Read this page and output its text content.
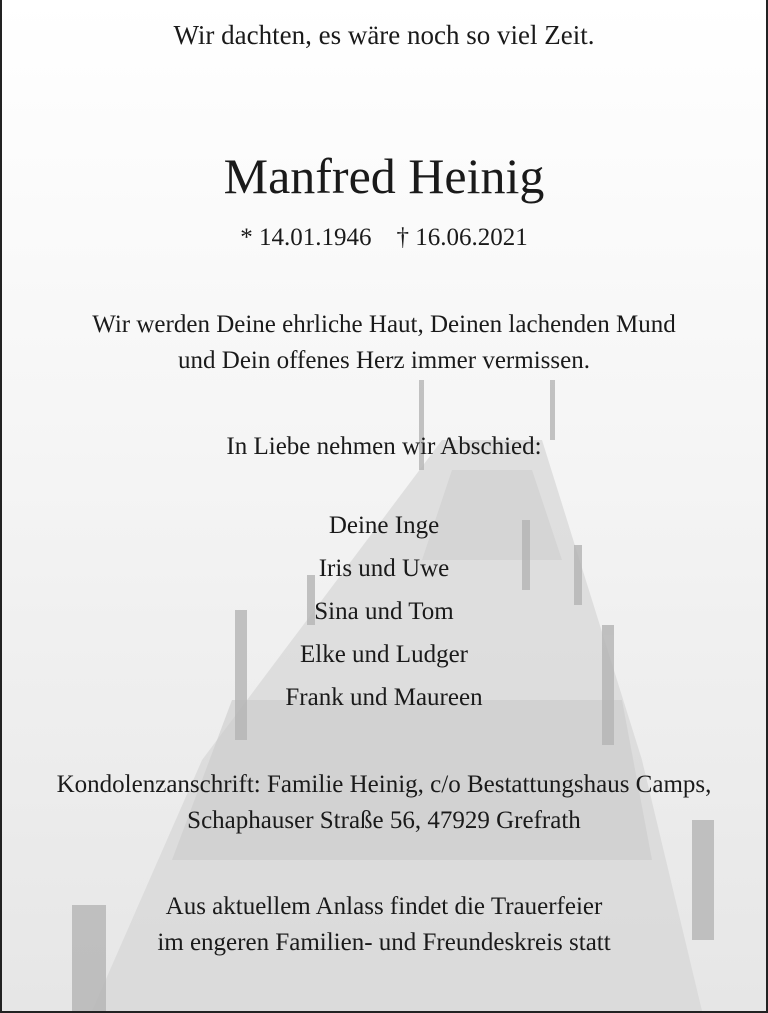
Wir dachten, es wäre noch so viel Zeit.
Manfred Heinig
* 14.01.1946 † 16.06.2021
Wir werden Deine ehrliche Haut, Deinen lachenden Mund
und Dein offenes Herz immer vermissen.
In Liebe nehmen wir Abschied:
Deine Inge
Iris und Uwe
Sina und Tom
Elke und Ludger
Frank und Maureen
Kondolenzanschrift: Familie Heinig, c/o Bestattungshaus Camps,
Schaphauser Straße 56, 47929 Grefrath
Aus aktuellem Anlass findet die Trauerfeier
im engeren Familien- und Freundeskreis statt
